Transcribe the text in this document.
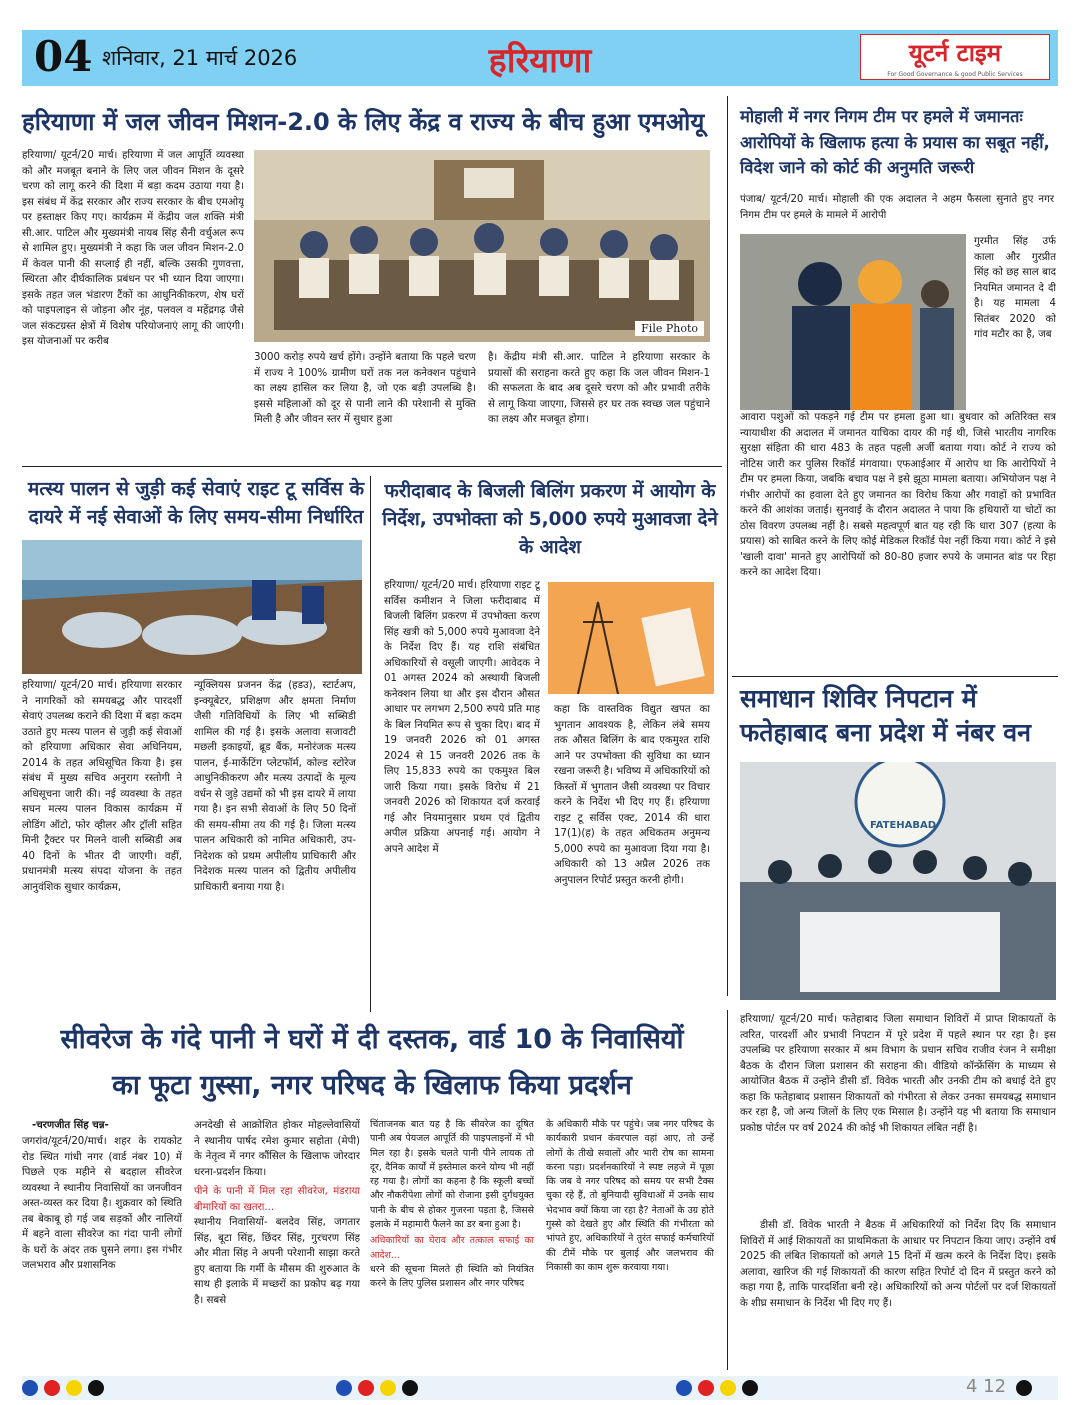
04 शनिवार, 21 मार्च 2026	हरियाणा	यूटर्न टाइम
For Good Governance & good Public Services
हरियाणा में जल जीवन मिशन-2.0 के लिए केंद्र व राज्य के बीच हुआ एमओयू
हरियाणा/ यूटर्न/20 मार्च। हरियाणा में जल आपूर्ति व्यवस्था को और मजबूत बनाने के लिए जल जीवन मिशन के दूसरे चरण को लागू करने की दिशा में बड़ा कदम उठाया गया है। इस संबंध में केंद्र सरकार और राज्य सरकार के बीच एमओयू पर हस्ताक्षर किए गए। कार्यक्रम में केंद्रीय जल शक्ति मंत्री सी.आर. पाटिल और मुख्यमंत्री नायब सिंह सैनी वर्चुअल रूप से शामिल हुए। मुख्यमंत्री ने कहा कि जल जीवन मिशन-2.0 में केवल पानी की सप्लाई ही नहीं, बल्कि उसकी गुणवत्ता, स्थिरता और दीर्घकालिक प्रबंधन पर भी ध्यान दिया जाएगा। इसके तहत जल भंडारण टैंकों का आधुनिकीकरण, शेष घरों को पाइपलाइन से जोड़ना और नूंह, पलवल व महेंद्रगढ़ जैसे जल संकटग्रस्त क्षेत्रों में विशेष परियोजनाएं लागू की जाएंगी। इस योजनाओं पर करीब
File Photo
3000 करोड़ रुपये खर्च होंगे। उन्होंने बताया कि पहले चरण में राज्य ने 100% ग्रामीण घरों तक नल कनेक्शन पहुंचाने का लक्ष्य हासिल कर लिया है, जो एक बड़ी उपलब्धि है। इससे महिलाओं को दूर से पानी लाने की परेशानी से मुक्ति मिली है और जीवन स्तर में सुधार हुआ
है। केंद्रीय मंत्री सी.आर. पाटिल ने हरियाणा सरकार के प्रयासों की सराहना करते हुए कहा कि जल जीवन मिशन-1 की सफलता के बाद अब दूसरे चरण को और प्रभावी तरीके से लागू किया जाएगा, जिससे हर घर तक स्वच्छ जल पहुंचाने का लक्ष्य और मजबूत होगा।
मत्स्य पालन से जुड़ी कई सेवाएं राइट टू सर्विस के दायरे में नई सेवाओं के लिए समय-सीमा निर्धारित
हरियाणा/ यूटर्न/20 मार्च। हरियाणा सरकार ने नागरिकों को समयबद्ध और पारदर्शी सेवाएं उपलब्ध कराने की दिशा में बड़ा कदम उठाते हुए मत्स्य पालन से जुड़ी कई सेवाओं को हरियाणा अधिकार सेवा अधिनियम, 2014 के तहत अधिसूचित किया है। इस संबंध में मुख्य सचिव अनुराग रस्तोगी ने अधिसूचना जारी की। नई व्यवस्था के तहत सघन मत्स्य पालन विकास कार्यक्रम में लोडिंग ऑटो, फोर व्हीलर और ट्रॉली सहित मिनी ट्रैक्टर पर मिलने वाली सब्सिडी अब 40 दिनों के भीतर दी जाएगी। वहीं, प्रधानमंत्री मत्स्य संपदा योजना के तहत आनुवंशिक सुधार कार्यक्रम,
न्यूक्लियस प्रजनन केंद्र (हडउ), स्टार्टअप, इन्क्यूबेटर, प्रशिक्षण और क्षमता निर्माण जैसी गतिविधियों के लिए भी सब्सिडी शामिल की गई है। इसके अलावा सजावटी मछली इकाइयों, ब्रूड बैंक, मनोरंजक मत्स्य पालन, ई-मार्केटिंग प्लेटफॉर्म, कोल्ड स्टोरेज आधुनिकीकरण और मत्स्य उत्पादों के मूल्य वर्धन से जुड़े उद्यमों को भी इस दायरे में लाया गया है। इन सभी सेवाओं के लिए 50 दिनों की समय-सीमा तय की गई है। जिला मत्स्य पालन अधिकारी को नामित अधिकारी, उप-निदेशक को प्रथम अपीलीय प्राधिकारी और निदेशक मत्स्य पालन को द्वितीय अपीलीय प्राधिकारी बनाया गया है।
फरीदाबाद के बिजली बिलिंग प्रकरण में आयोग के निर्देश, उपभोक्ता को 5,000 रुपये मुआवजा देने के आदेश
हरियाणा/ यूटर्न/20 मार्च। हरियाणा राइट टू सर्विस कमीशन ने जिला फरीदाबाद में बिजली बिलिंग प्रकरण में उपभोक्ता करण सिंह खत्री को 5,000 रुपये मुआवजा देने के निर्देश दिए हैं। यह राशि संबंधित अधिकारियों से वसूली जाएगी। आवेदक ने 01 अगस्त 2024 को अस्थायी बिजली कनेक्शन लिया था और इस दौरान औसत आधार पर लगभग 2,500 रुपये प्रति माह के बिल नियमित रूप से चुका दिए। बाद में 19 जनवरी 2026 को 01 अगस्त 2024 से 15 जनवरी 2026 तक के लिए 15,833 रुपये का एकमुश्त बिल जारी किया गया। इसके विरोध में 21 जनवरी 2026 को शिकायत दर्ज करवाई गई और नियमानुसार प्रथम एवं द्वितीय अपील प्रक्रिया अपनाई गई। आयोग ने अपने आदेश में
कहा कि वास्तविक विद्युत खपत का भुगतान आवश्यक है, लेकिन लंबे समय तक औसत बिलिंग के बाद एकमुश्त राशि आने पर उपभोक्ता की सुविधा का ध्यान रखना जरूरी है। भविष्य में अधिकारियों को किस्तों में भुगतान जैसी व्यवस्था पर विचार करने के निर्देश भी दिए गए हैं। हरियाणा राइट टू सर्विस एक्ट, 2014 की धारा 17(1)(ह) के तहत अधिकतम अनुमन्य 5,000 रुपये का मुआवजा दिया गया है। अधिकारी को 13 अप्रैल 2026 तक अनुपालन रिपोर्ट प्रस्तुत करनी होगी।
मोहाली में नगर निगम टीम पर हमले में जमानतः आरोपियों के खिलाफ हत्या के प्रयास का सबूत नहीं, विदेश जाने को कोर्ट की अनुमति जरूरी
पंजाब/ यूटर्न/20 मार्च। मोहाली की एक अदालत ने अहम फैसला सुनाते हुए नगर निगम टीम पर हमले के मामले में आरोपी
गुरमीत सिंह उर्फ काला और गुरप्रीत सिंह को छह साल बाद नियमित जमानत दे दी है। यह मामला 4 सितंबर 2020 को गांव मटौर का है, जब
आवारा पशुओं को पकड़ने गई टीम पर हमला हुआ था। बुधवार को अतिरिक्त सत्र न्यायाधीश की अदालत में जमानत याचिका दायर की गई थी, जिसे भारतीय नागरिक सुरक्षा संहिता की धारा 483 के तहत पहली अर्जी बताया गया। कोर्ट ने राज्य को नोटिस जारी कर पुलिस रिकॉर्ड मंगवाया। एफआईआर में आरोप था कि आरोपियों ने टीम पर हमला किया, जबकि बचाव पक्ष ने इसे झूठा मामला बताया। अभियोजन पक्ष ने गंभीर आरोपों का हवाला देते हुए जमानत का विरोध किया और गवाहों को प्रभावित करने की आशंका जताई। सुनवाई के दौरान अदालत ने पाया कि हथियारों या चोटों का ठोस विवरण उपलब्ध नहीं है। सबसे महत्वपूर्ण बात यह रही कि धारा 307 (हत्या के प्रयास) को साबित करने के लिए कोई मेडिकल रिकॉर्ड पेश नहीं किया गया। कोर्ट ने इसे 'खाली दावा' मानते हुए आरोपियों को 80-80 हजार रुपये के जमानत बांड पर रिहा करने का आदेश दिया।
समाधान शिविर निपटान में फतेहाबाद बना प्रदेश में नंबर वन
FATEHABAD
हरियाणा/ यूटर्न/20 मार्च। फतेहाबाद जिला समाधान शिविरों में प्राप्त शिकायतों के त्वरित, पारदर्शी और प्रभावी निपटान में पूरे प्रदेश में पहले स्थान पर रहा है। इस उपलब्धि पर हरियाणा सरकार में श्रम विभाग के प्रधान सचिव राजीव रंजन ने समीक्षा बैठक के दौरान जिला प्रशासन की सराहना की। वीडियो कॉन्फ्रेंसिंग के माध्यम से आयोजित बैठक में उन्होंने डीसी डॉ. विवेक भारती और उनकी टीम को बधाई देते हुए कहा कि फतेहाबाद प्रशासन शिकायतों को गंभीरता से लेकर उनका समयबद्ध समाधान कर रहा है, जो अन्य जिलों के लिए एक मिसाल है। उन्होंने यह भी बताया कि समाधान प्रकोष्ठ पोर्टल पर वर्ष 2024 की कोई भी शिकायत लंबित नहीं है।
डीसी डॉ. विवेक भारती ने बैठक में अधिकारियों को निर्देश दिए कि समाधान शिविरों में आई शिकायतों का प्राथमिकता के आधार पर निपटान किया जाए। उन्होंने वर्ष 2025 की लंबित शिकायतों को अगले 15 दिनों में खत्म करने के निर्देश दिए। इसके अलावा, खारिज की गई शिकायतों की कारण सहित रिपोर्ट दो दिन में प्रस्तुत करने को कहा गया है, ताकि पारदर्शिता बनी रहे। अधिकारियों को अन्य पोर्टलों पर दर्ज शिकायतों के शीघ्र समाधान के निर्देश भी दिए गए हैं।
सीवरेज के गंदे पानी ने घरों में दी दस्तक, वार्ड 10 के निवासियों
का फूटा गुस्सा, नगर परिषद के खिलाफ किया प्रदर्शन
-चरणजीत सिंह चन्न-
जगरांव/यूटर्न/20/मार्च। शहर के रायकोट रोड स्थित गांधी नगर (वार्ड नंबर 10) में पिछले एक महीने से बदहाल सीवरेज व्यवस्था ने स्थानीय निवासियों का जनजीवन अस्त-व्यस्त कर दिया है। शुक्रवार को स्थिति तब बेकाबू हो गई जब सड़कों और नालियों में बहने वाला सीवरेज का गंदा पानी लोगों के घरों के अंदर तक घुसने लगा। इस गंभीर जलभराव और प्रशासनिक
अनदेखी से आक्रोशित होकर मोहल्लेवासियों ने स्थानीय पार्षद रमेश कुमार सहोता (मेपी) के नेतृत्व में नगर कौंसिल के खिलाफ जोरदार धरना-प्रदर्शन किया।
पीने के पानी में मिल रहा सीवरेज, मंडराया बीमारियों का खतरा...
स्थानीय निवासियों- बलदेव सिंह, जगतार सिंह, बूटा सिंह, छिंदर सिंह, गुरचरण सिंह और मीता सिंह ने अपनी परेशानी साझा करते हुए बताया कि गर्मी के मौसम की शुरुआत के साथ ही इलाके में मच्छरों का प्रकोप बढ़ गया है। सबसे
चिंताजनक बात यह है कि सीवरेज का दूषित पानी अब पेयजल आपूर्ति की पाइपलाइनों में भी मिल रहा है। इसके चलते पानी पीने लायक तो दूर, दैनिक कार्यों में इस्तेमाल करने योग्य भी नहीं रह गया है। लोगों का कहना है कि स्कूली बच्चों और नौकरीपेशा लोगों को रोजाना इसी दुर्गंधयुक्त पानी के बीच से होकर गुजरना पड़ता है, जिससे इलाके में महामारी फैलने का डर बना हुआ है।
अधिकारियों का घेराव और तत्काल सफाई का आदेश...
धरने की सूचना मिलते ही स्थिति को नियंत्रित करने के लिए पुलिस प्रशासन और नगर परिषद
के अधिकारी मौके पर पहुंचे। जब नगर परिषद के कार्यकारी प्रधान कंवरपाल वहां आए, तो उन्हें लोगों के तीखे सवालों और भारी रोष का सामना करना पड़ा। प्रदर्शनकारियों ने स्पष्ट लहजे में पूछा कि जब वे नगर परिषद को समय पर सभी टैक्स चुका रहे हैं, तो बुनियादी सुविधाओं में उनके साथ भेदभाव क्यों किया जा रहा है? नेताओं के उग्र होते गुस्से को देखते हुए और स्थिति की गंभीरता को भांपते हुए, अधिकारियों ने तुरंत सफाई कर्मचारियों की टीमें मौके पर बुलाई और जलभराव की निकासी का काम शुरू करवाया गया।
4 12
